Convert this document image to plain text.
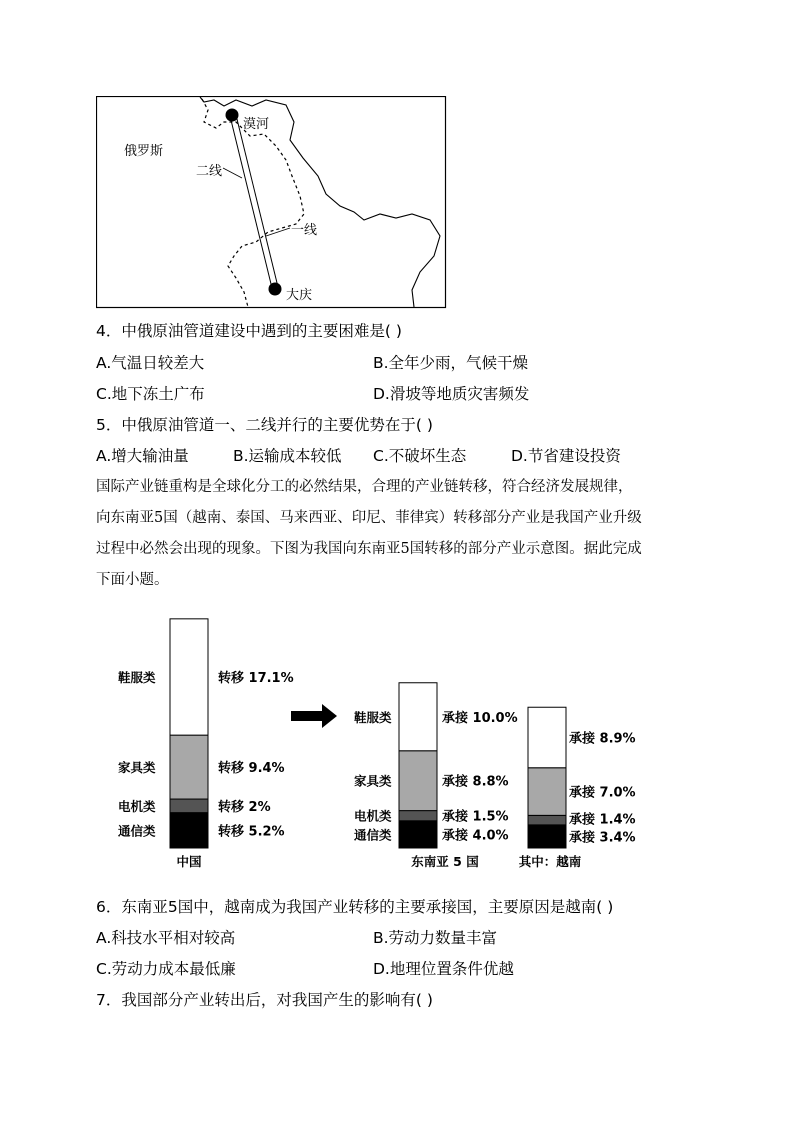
俄罗斯
漠河
二线
一线
大庆
4．中俄原油管道建设中遇到的主要困难是( )
A.气温日较差大	B.全年少雨，气候干燥
C.地下冻土广布	D.滑坡等地质灾害频发
5．中俄原油管道一、二线并行的主要优势在于( )
A.增大输油量	B.运输成本较低 C.不破坏生态	D.节省建设投资
国际产业链重构是全球化分工的必然结果，合理的产业链转移，符合经济发展规律，
向东南亚5国（越南、泰国、马来西亚、印尼、菲律宾）转移部分产业是我国产业升级
过程中必然会出现的现象。下图为我国向东南亚5国转移的部分产业示意图。据此完成
下面小题。
转移 5.2%
通信类
转移 2%
电机类
转移 9.4%
家具类
转移 17.1%
鞋服类
中国
承接 4.0%
通信类
承接 1.5%
电机类
承接 8.8%
家具类
承接 10.0%
鞋服类
东南亚 5 国
承接 3.4%
承接 1.4%
承接 7.0%
承接 8.9%
其中：越南
6．东南亚5国中，越南成为我国产业转移的主要承接国，主要原因是越南( )
A.科技水平相对较高	B.劳动力数量丰富
C.劳动力成本最低廉	D.地理位置条件优越
7．我国部分产业转出后，对我国产生的影响有( )
